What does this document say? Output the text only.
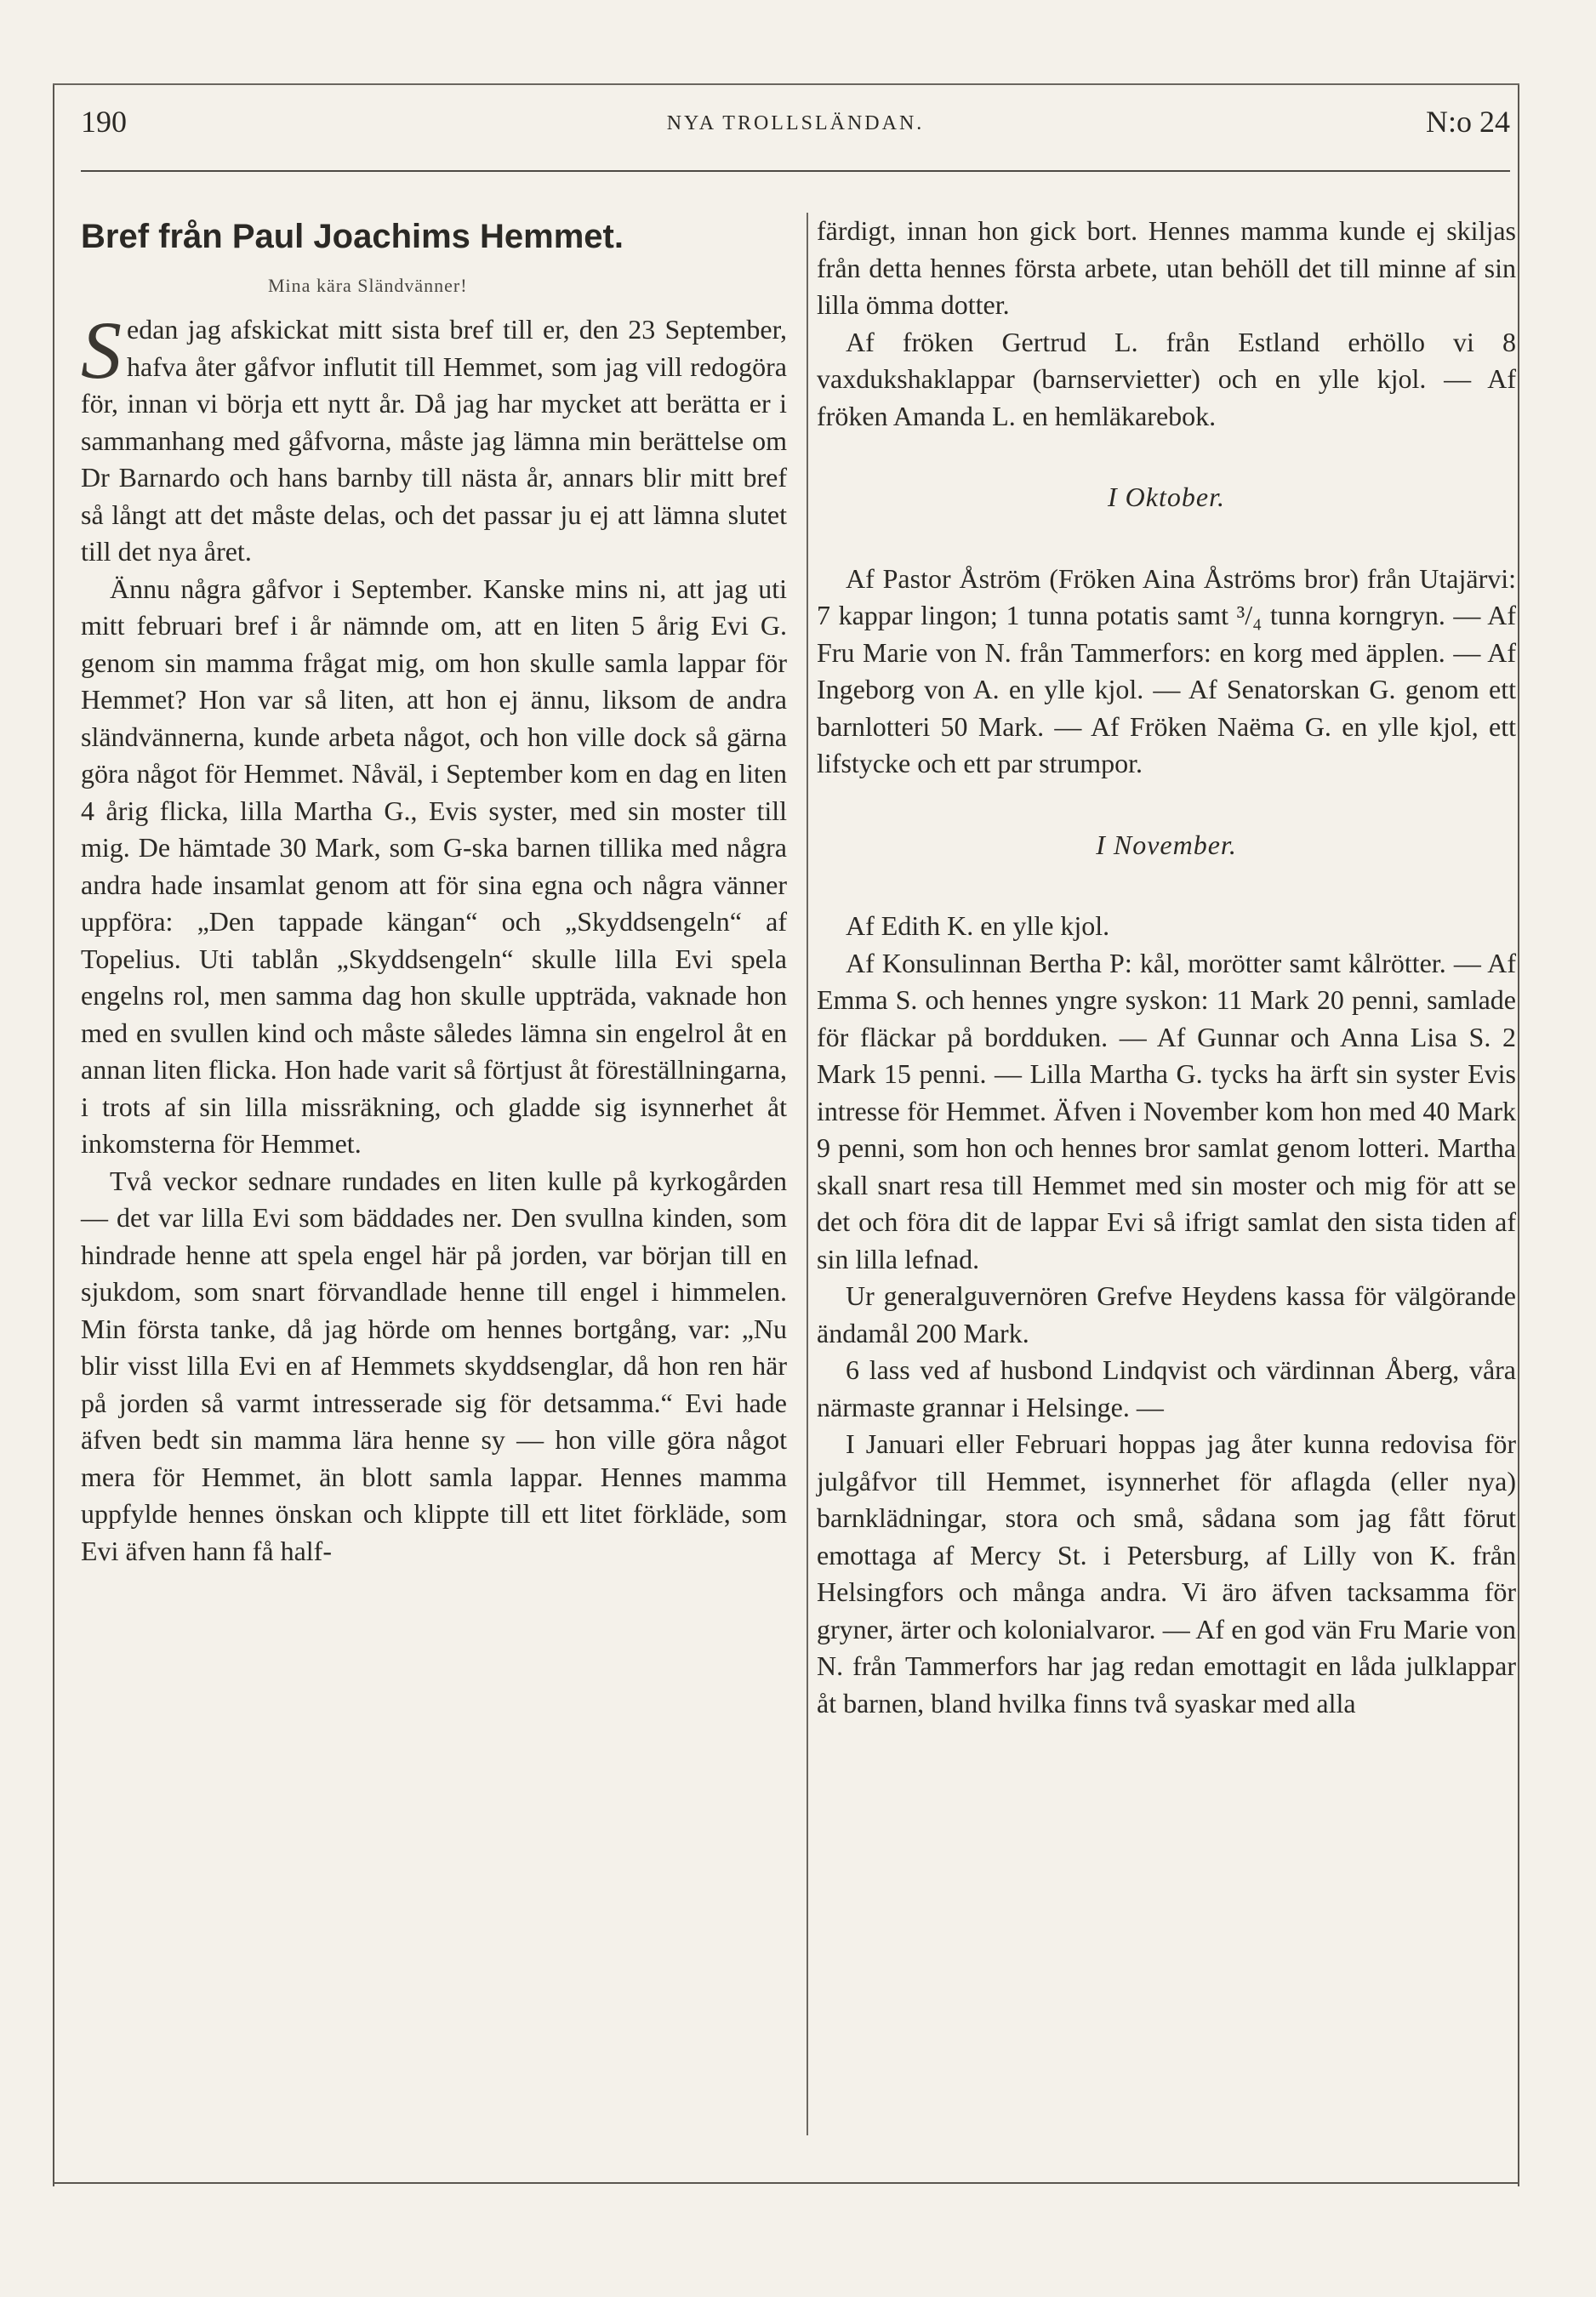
190	NYA TROLLSLÄNDAN.	N:o 24
Bref från Paul Joachims Hemmet.
Mina kära Sländvänner!

Sedan jag afskickat mitt sista bref till er, den 23 September, hafva åter gåfvor influtit till Hemmet, som jag vill redogöra för, innan vi börja ett nytt år. Då jag har mycket att berätta er i sammanhang med gåfvorna, måste jag lämna min berättelse om Dr Barnardo och hans barnby till nästa år, annars blir mitt bref så långt att det måste delas, och det passar ju ej att lämna slutet till det nya året.

Ännu några gåfvor i September. Kanske mins ni, att jag uti mitt februari bref i år nämnde om, att en liten 5 årig Evi G. genom sin mamma frågat mig, om hon skulle samla lappar för Hemmet? Hon var så liten, att hon ej ännu, liksom de andra sländvännerna, kunde arbeta något, och hon ville dock så gärna göra något för Hemmet. Nåväl, i September kom en dag en liten 4 årig flicka, lilla Martha G., Evis syster, med sin moster till mig. De hämtade 30 Mark, som G-ska barnen tillika med några andra hade insamlat genom att för sina egna och några vänner uppföra: „Den tappade kängan“ och „Skyddsengeln“ af Topelius. Uti tablån „Skyddsengeln“ skulle lilla Evi spela engelns rol, men samma dag hon skulle uppträda, vaknade hon med en svullen kind och måste således lämna sin engelrol åt en annan liten flicka. Hon hade varit så förtjust åt föreställningarna, i trots af sin lilla missräkning, och gladde sig isynnerhet åt inkomsterna för Hemmet.

Två veckor sednare rundades en liten kulle på kyrkogården — det var lilla Evi som bäddades ner. Den svullna kinden, som hindrade henne att spela engel här på jorden, var början till en sjukdom, som snart förvandlade henne till engel i himmelen. Min första tanke, då jag hörde om hennes bortgång, var: „Nu blir visst lilla Evi en af Hemmets skyddsenglar, då hon ren här på jorden så varmt intresserade sig för detsamma.“ Evi hade äfven bedt sin mamma lära henne sy — hon ville göra något mera för Hemmet, än blott samla lappar. Hennes mamma uppfylde hennes önskan och klippte till ett litet förkläde, som Evi äfven hann få half-

färdigt, innan hon gick bort. Hennes mamma kunde ej skiljas från detta hennes första arbete, utan behöll det till minne af sin lilla ömma dotter.

Af fröken Gertrud L. från Estland erhöllo vi 8 vaxdukshaklappar (barnservietter) och en ylle kjol. — Af fröken Amanda L. en hemläkarebok.

I Oktober.

Af Pastor Åström (Fröken Aina Åströms bror) från Utajärvi: 7 kappar lingon; 1 tunna potatis samt ³/₄ tunna korngryn. — Af Fru Marie von N. från Tammerfors: en korg med äpplen. — Af Ingeborg von A. en ylle kjol. — Af Senatorskan G. genom ett barnlotteri 50 Mark. — Af Fröken Naëma G. en ylle kjol, ett lifstycke och ett par strumpor.

I November.

Af Edith K. en ylle kjol.

Af Konsulinnan Bertha P: kål, morötter samt kålrötter. — Af Emma S. och hennes yngre syskon: 11 Mark 20 penni, samlade för fläckar på bordduken. — Af Gunnar och Anna Lisa S. 2 Mark 15 penni. — Lilla Martha G. tycks ha ärft sin syster Evis intresse för Hemmet. Äfven i November kom hon med 40 Mark 9 penni, som hon och hennes bror samlat genom lotteri. Martha skall snart resa till Hemmet med sin moster och mig för att se det och föra dit de lappar Evi så ifrigt samlat den sista tiden af sin lilla lefnad.

Ur generalguvernören Grefve Heydens kassa för välgörande ändamål 200 Mark.

6 lass ved af husbond Lindqvist och värdinnan Åberg, våra närmaste grannar i Helsinge. —

I Januari eller Februari hoppas jag åter kunna redovisa för julgåfvor till Hemmet, isynnerhet för aflagda (eller nya) barnklädningar, stora och små, sådana som jag fått förut emottaga af Mercy St. i Petersburg, af Lilly von K. från Helsingfors och många andra. Vi äro äfven tacksamma för gryner, ärter och kolonialvaror. — Af en god vän Fru Marie von N. från Tammerfors har jag redan emottagit en låda julklappar åt barnen, bland hvilka finns två syaskar med alla
